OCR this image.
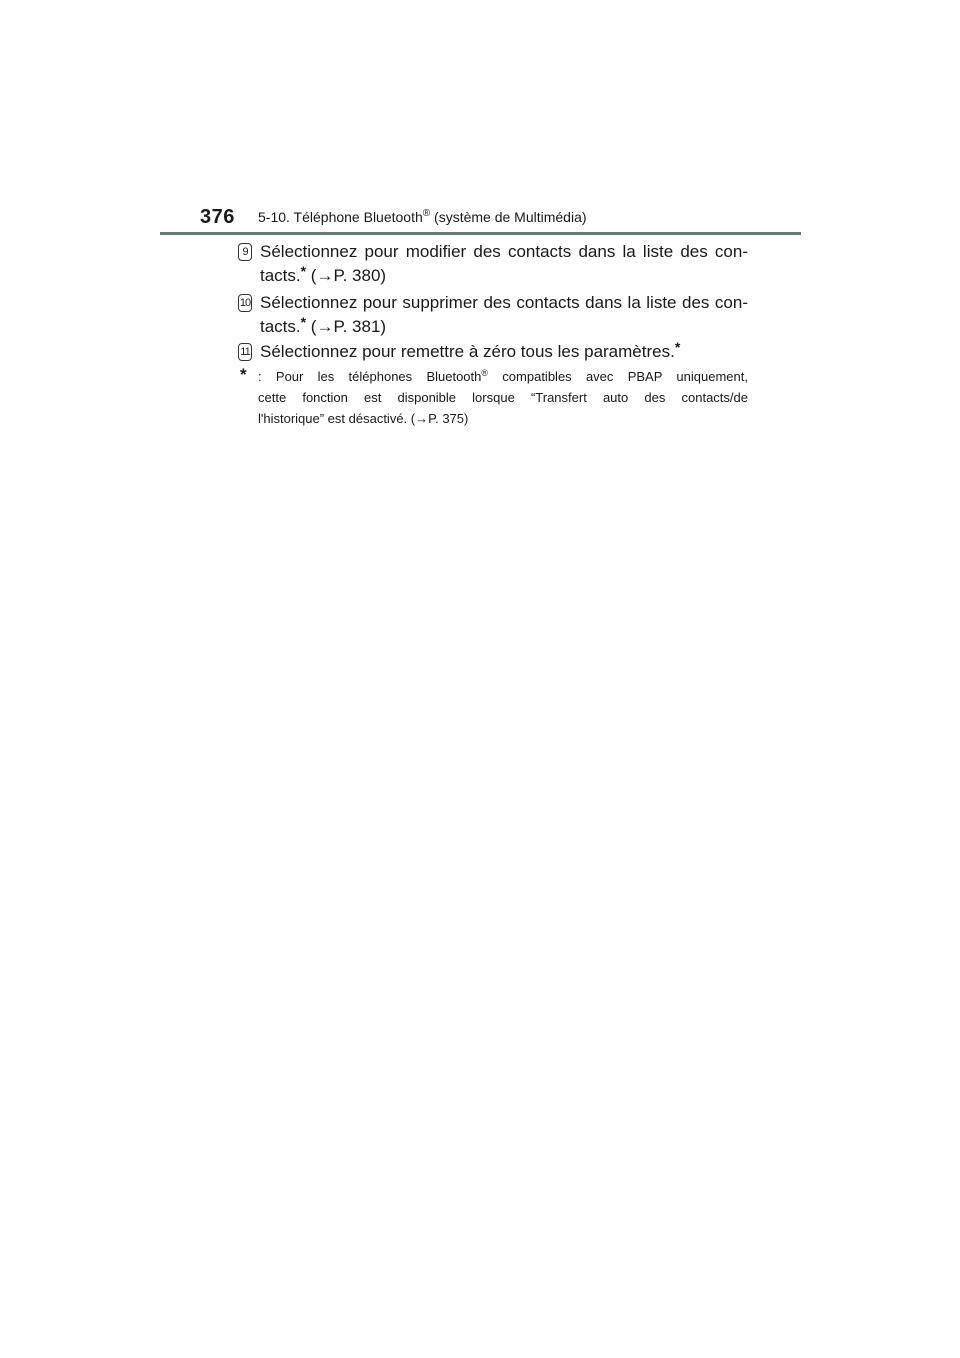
376 5-10. Téléphone Bluetooth® (système de Multimédia)
9 Sélectionnez pour modifier des contacts dans la liste des con-
tacts.* (→P. 380)
10 Sélectionnez pour supprimer des contacts dans la liste des con-
tacts.* (→P. 381)
11 Sélectionnez pour remettre à zéro tous les paramètres.*
* : Pour les téléphones Bluetooth® compatibles avec PBAP uniquement,
cette fonction est disponible lorsque “Transfert auto des contacts/de
l'historique” est désactivé. (→P. 375)
